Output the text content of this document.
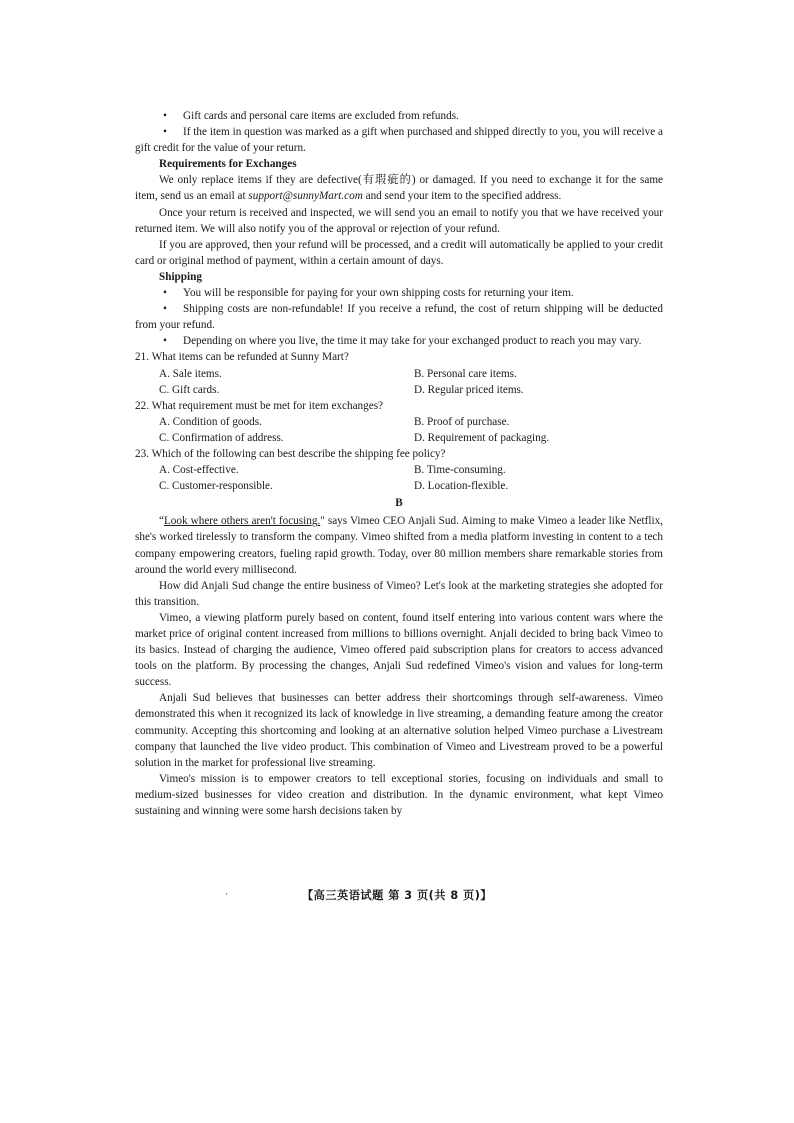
• Gift cards and personal care items are excluded from refunds.

• If the item in question was marked as a gift when purchased and shipped directly to you, you will receive a gift credit for the value of your return.

Requirements for Exchanges

We only replace items if they are defective(有瑕疵的) or damaged. If you need to exchange it for the same item, send us an email at support@sunnyMart.com and send your item to the specified address.

Once your return is received and inspected, we will send you an email to notify you that we have received your returned item. We will also notify you of the approval or rejection of your refund.

If you are approved, then your refund will be processed, and a credit will automatically be applied to your credit card or original method of payment, within a certain amount of days.

Shipping

• You will be responsible for paying for your own shipping costs for returning your item.

• Shipping costs are non-refundable! If you receive a refund, the cost of return shipping will be deducted from your refund.

• Depending on where you live, the time it may take for your exchanged product to reach you may vary.

21. What items can be refunded at Sunny Mart?

A. Sale items.	B. Personal care items.
C. Gift cards.	D. Regular priced items.

22. What requirement must be met for item exchanges?

A. Condition of goods.	B. Proof of purchase.
C. Confirmation of address.	D. Requirement of packaging.

23. Which of the following can best describe the shipping fee policy?

A. Cost-effective.	B. Time-consuming.
C. Customer-responsible.	D. Location-flexible.

B

“Look where others aren't focusing." says Vimeo CEO Anjali Sud. Aiming to make Vimeo a leader like Netflix, she's worked tirelessly to transform the company. Vimeo shifted from a media platform investing in content to a tech company empowering creators, fueling rapid growth. Today, over 80 million members share remarkable stories from around the world every millisecond.

How did Anjali Sud change the entire business of Vimeo? Let's look at the marketing strategies she adopted for this transition.

Vimeo, a viewing platform purely based on content, found itself entering into various content wars where the market price of original content increased from millions to billions overnight. Anjali decided to bring back Vimeo to its basics. Instead of charging the audience, Vimeo offered paid subscription plans for creators to access advanced tools on the platform. By processing the changes, Anjali Sud redefined Vimeo's vision and values for long-term success.

Anjali Sud believes that businesses can better address their shortcomings through self-awareness. Vimeo demonstrated this when it recognized its lack of knowledge in live streaming, a demanding feature among the creator community. Accepting this shortcoming and looking at an alternative solution helped Vimeo purchase a Livestream company that launched the live video product. This combination of Vimeo and Livestream proved to be a powerful solution in the market for professional live streaming.

Vimeo's mission is to empower creators to tell exceptional stories, focusing on individuals and small to medium-sized businesses for video creation and distribution. In the dynamic environment, what kept Vimeo sustaining and winning were some harsh decisions taken by

·	【高三英语试题 第 3 页(共 8 页)】
